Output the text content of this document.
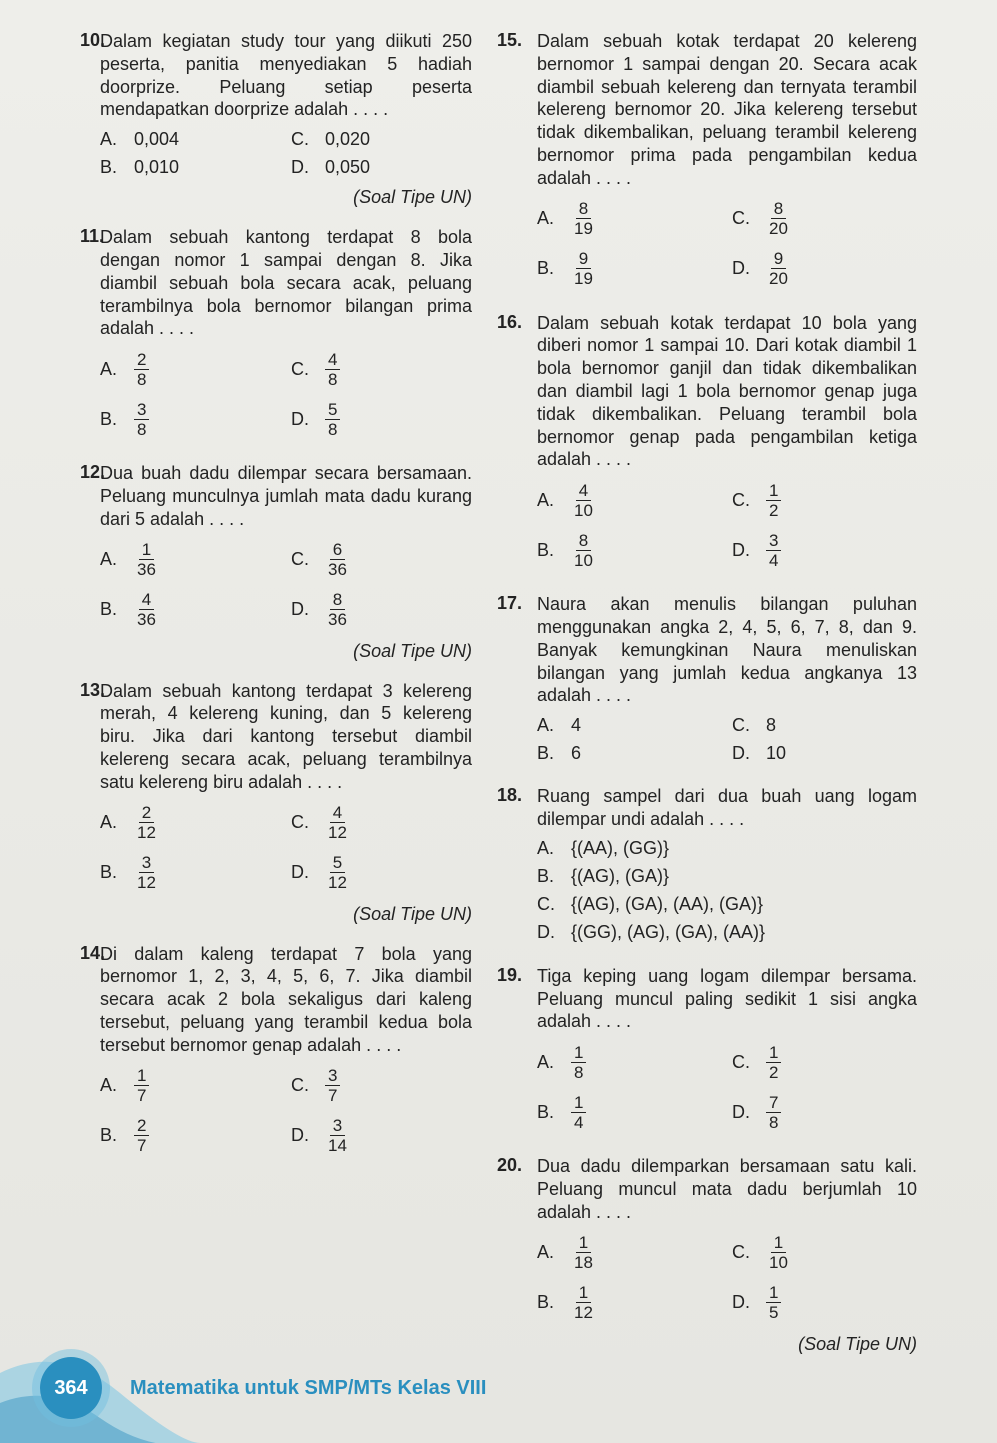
10.
Dalam kegiatan study tour yang diikuti 250 peserta, panitia menyediakan 5 hadiah doorprize. Peluang setiap peserta mendapatkan doorprize adalah . . . .
A. 0,004	C. 0,020
B. 0,010	D. 0,050
(Soal Tipe UN)
11.
Dalam sebuah kantong terdapat 8 bola dengan nomor 1 sampai dengan 8. Jika diambil sebuah bola secara acak, peluang terambilnya bola bernomor bilangan prima adalah . . . .
A. $\frac{2}{8}$	C. $\frac{4}{8}$
B. $\frac{3}{8}$	D. $\frac{5}{8}$
12.
Dua buah dadu dilempar secara bersamaan. Peluang munculnya jumlah mata dadu kurang dari 5 adalah . . . .
A. $\frac{1}{36}$	C. $\frac{6}{36}$
B. $\frac{4}{36}$	D. $\frac{8}{36}$
(Soal Tipe UN)
13.
Dalam sebuah kantong terdapat 3 kelereng merah, 4 kelereng kuning, dan 5 kelereng biru. Jika dari kantong tersebut diambil kelereng secara acak, peluang terambilnya satu kelereng biru adalah . . . .
A. $\frac{2}{12}$	C. $\frac{4}{12}$
B. $\frac{3}{12}$	D. $\frac{5}{12}$
(Soal Tipe UN)
14.
Di dalam kaleng terdapat 7 bola yang bernomor 1, 2, 3, 4, 5, 6, 7. Jika diambil secara acak 2 bola sekaligus dari kaleng tersebut, peluang yang terambil kedua bola tersebut bernomor genap adalah . . . .
A. $\frac{1}{7}$	C. $\frac{3}{7}$
B. $\frac{2}{7}$	D. $\frac{3}{14}$
15. Dalam sebuah kotak terdapat 20 kelereng bernomor 1 sampai dengan 20. Secara acak diambil sebuah kelereng dan ternyata terambil kelereng bernomor 20. Jika kelereng tersebut tidak dikembalikan, peluang terambil kelereng bernomor prima pada pengambilan kedua adalah . . . .
A. $\frac{8}{19}$	C. $\frac{8}{20}$
B. $\frac{9}{19}$	D. $\frac{9}{20}$
16. Dalam sebuah kotak terdapat 10 bola yang diberi nomor 1 sampai 10. Dari kotak diambil 1 bola bernomor ganjil dan tidak dikembalikan dan diambil lagi 1 bola bernomor genap juga tidak dikembalikan. Peluang terambil bola bernomor genap pada pengambilan ketiga adalah . . . .
A. $\frac{4}{10}$	C. $\frac{1}{2}$
B. $\frac{8}{10}$	D. $\frac{3}{4}$
17. Naura akan menulis bilangan puluhan menggunakan angka 2, 4, 5, 6, 7, 8, dan 9. Banyak kemungkinan Naura menuliskan bilangan yang jumlah kedua angkanya 13 adalah . . . .
A. 4	C. 8
B. 6	D. 10
18. Ruang sampel dari dua buah uang logam dilempar undi adalah . . . .
A. {(AA), (GG)}
B. {(AG), (GA)}
C. {(AG), (GA), (AA), (GA)}
D. {(GG), (AG), (GA), (AA)}
19. Tiga keping uang logam dilempar bersama. Peluang muncul paling sedikit 1 sisi angka adalah . . . .
A. $\frac{1}{8}$	C. $\frac{1}{2}$
B. $\frac{1}{4}$	D. $\frac{7}{8}$
20. Dua dadu dilemparkan bersamaan satu kali. Peluang muncul mata dadu berjumlah 10 adalah . . . .
A. $\frac{1}{18}$	C. $\frac{1}{10}$
B. $\frac{1}{12}$	D. $\frac{1}{5}$
(Soal Tipe UN)
364	Matematika untuk SMP/MTs Kelas VIII
